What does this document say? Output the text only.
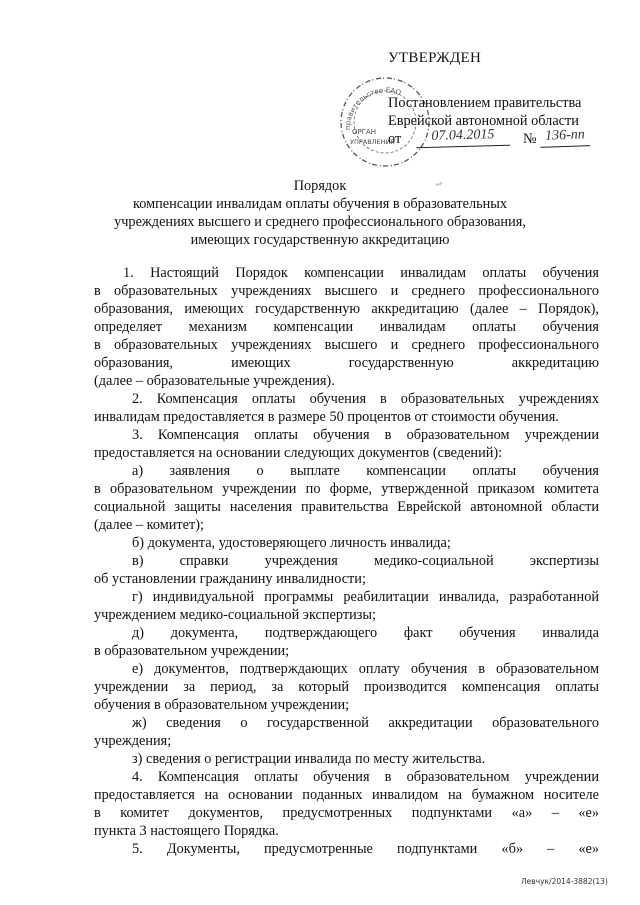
УТВЕРЖДЕН
правительство ЕАО
ОРГАН
УПРАВЛЕНИЯ
Постановлением правительства
Еврейской автономной области
от	07.04.2015	№ 136-пп
~
Порядок
компенсации инвалидам оплаты обучения в образовательных
учреждениях высшего и среднего профессионального образования,
имеющих государственную аккредитацию
1. Настоящий Порядок компенсации инвалидам оплаты обучения
в образовательных учреждениях высшего и среднего профессионального
образования, имеющих государственную аккредитацию (далее – Порядок),
определяет механизм компенсации инвалидам оплаты обучения
в образовательных учреждениях высшего и среднего профессионального
образования, имеющих государственную аккредитацию
(далее – образовательные учреждения).
2. Компенсация оплаты обучения в образовательных учреждениях
инвалидам предоставляется в размере 50 процентов от стоимости обучения.
3. Компенсация оплаты обучения в образовательном учреждении
предоставляется на основании следующих документов (сведений):
а) заявления о выплате компенсации оплаты обучения
в образовательном учреждении по форме, утвержденной приказом комитета
социальной защиты населения правительства Еврейской автономной области
(далее – комитет);
б) документа, удостоверяющего личность инвалида;
в) справки учреждения медико-социальной экспертизы
об установлении гражданину инвалидности;
г) индивидуальной программы реабилитации инвалида, разработанной
учреждением медико-социальной экспертизы;
д) документа, подтверждающего факт обучения инвалида
в образовательном учреждении;
е) документов, подтверждающих оплату обучения в образовательном
учреждении за период, за который производится компенсация оплаты
обучения в образовательном учреждении;
ж) сведения о государственной аккредитации образовательного
учреждения;
з) сведения о регистрации инвалида по месту жительства.
4. Компенсация оплаты обучения в образовательном учреждении
предоставляется на основании поданных инвалидом на бумажном носителе
в комитет документов, предусмотренных подпунктами «а» – «е»
пункта 3 настоящего Порядка.
5. Документы, предусмотренные подпунктами «б» – «е»
Левчук/2014-3882(13)
